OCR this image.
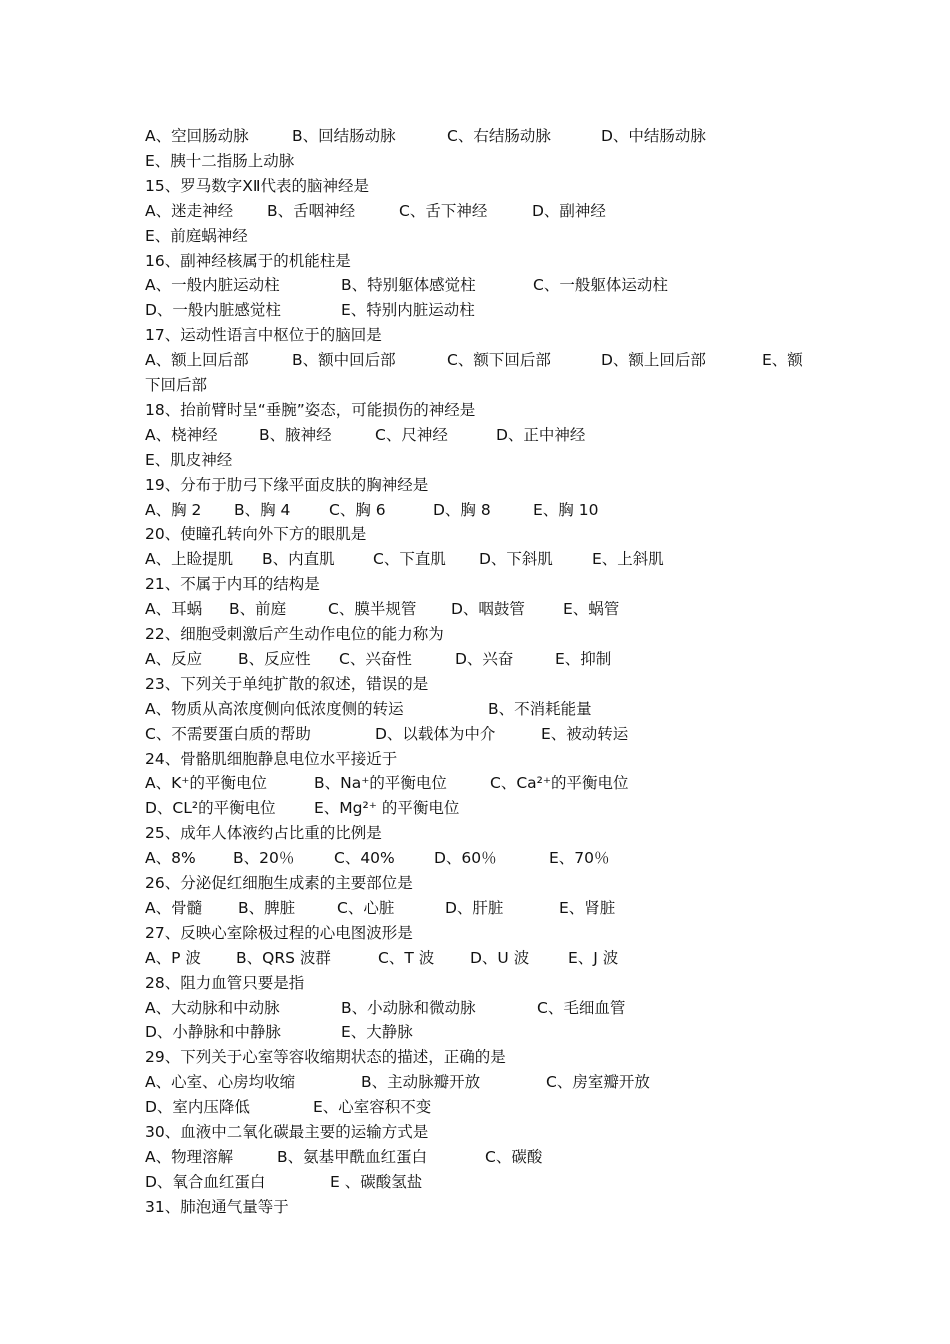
A、空回肠动脉	B、回结肠动脉	C、右结肠动脉	D、中结肠动脉
E、胰十二指肠上动脉
15、罗马数字ⅩⅡ代表的脑神经是
A、迷走神经 B、舌咽神经	C、舌下神经	D、副神经
E、前庭蜗神经
16、副神经核属于的机能柱是
A、一般内脏运动柱	B、特别躯体感觉柱	C、一般躯体运动柱
D、一般内脏感觉柱	E、特别内脏运动柱
17、运动性语言中枢位于的脑回是
A、额上回后部	B、额中回后部	C、额下回后部	D、额上回后部	E、额
下回后部
18、抬前臂时呈“垂腕”姿态，可能损伤的神经是
A、桡神经	B、腋神经	C、尺神经	D、正中神经
E、肌皮神经
19、分布于肋弓下缘平面皮肤的胸神经是
A、胸 2 B、胸 4 C、胸 6	D、胸 8	E、胸 10
20、使瞳孔转向外下方的眼肌是
A、上睑提肌 B、内直肌 C、下直肌 D、下斜肌	E、上斜肌
21、不属于内耳的结构是
A、耳蜗 B、前庭	C、膜半规管 D、咽鼓管 E、蜗管
22、细胞受刺激后产生动作电位的能力称为
A、反应 B、反应性 C、兴奋性	D、兴奋	E、抑制
23、下列关于单纯扩散的叙述，错误的是
A、物质从高浓度侧向低浓度侧的转运	B、不消耗能量
C、不需要蛋白质的帮助	D、以载体为中介	E、被动转运
24、骨骼肌细胞静息电位水平接近于
A、K⁺的平衡电位	B、Na⁺的平衡电位	C、Ca²⁺的平衡电位
D、CL²的平衡电位 E、Mg²⁺ 的平衡电位
25、成年人体液约占比重的比例是
A、8% B、20％	C、40%	D、60％	E、70％
26、分泌促红细胞生成素的主要部位是
A、骨髓 B、脾脏	C、心脏	D、肝脏	E、肾脏
27、反映心室除极过程的心电图波形是
A、P 波 B、QRS 波群	C、T 波 D、U 波	E、J 波
28、阻力血管只要是指
A、大动脉和中动脉	B、小动脉和微动脉	C、毛细血管
D、小静脉和中静脉	E、大静脉
29、下列关于心室等容收缩期状态的描述，正确的是
A、心室、心房均收缩	B、主动脉瓣开放	C、房室瓣开放
D、室内压降低	E、心室容积不变
30、血液中二氧化碳最主要的运输方式是
A、物理溶解	B、氨基甲酰血红蛋白	C、碳酸
D、氧合血红蛋白	E 、碳酸氢盐
31、肺泡通气量等于
